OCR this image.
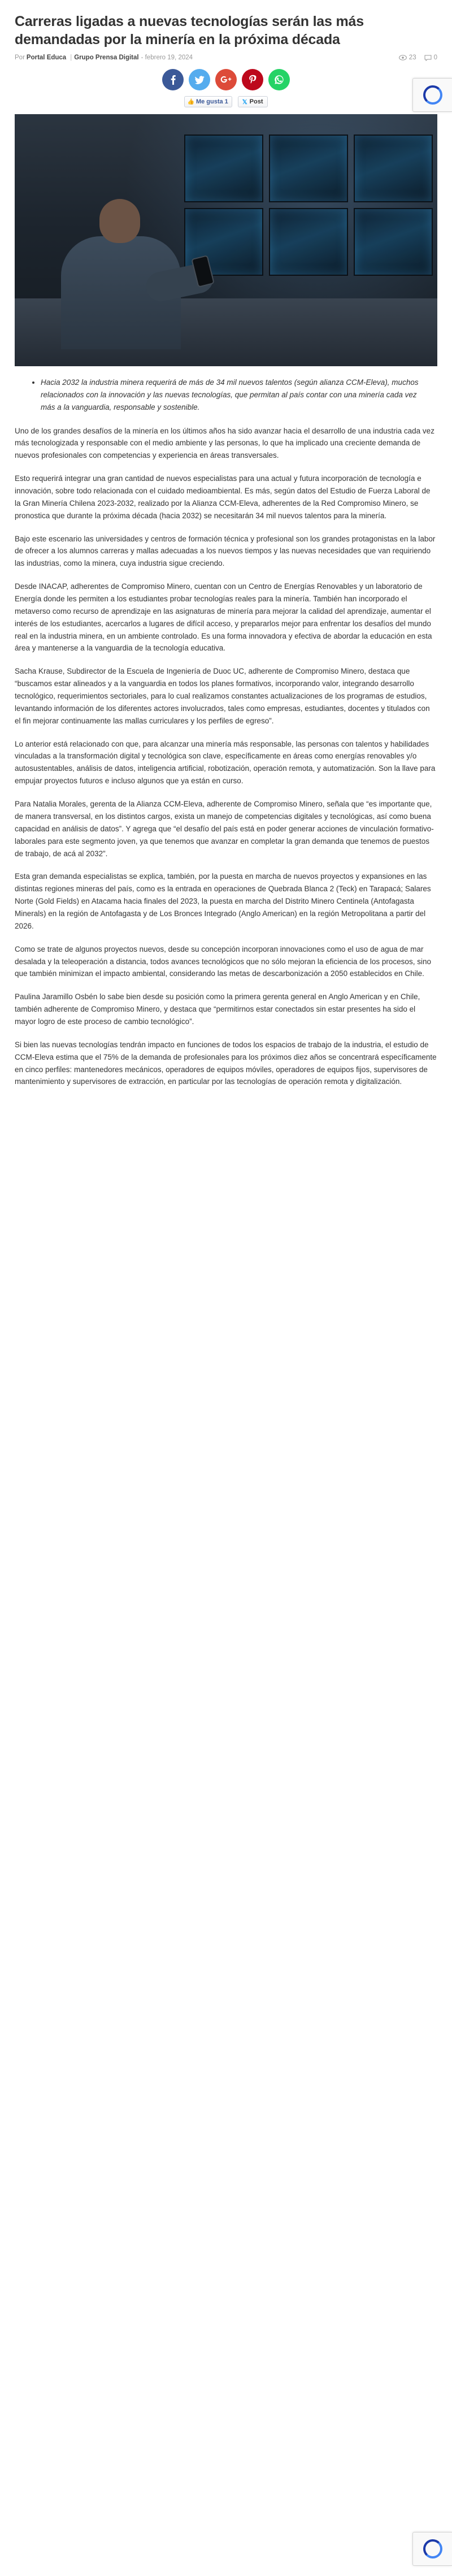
Carreras ligadas a nuevas tecnologías serán las más demandadas por la minería en la próxima década
Por Portal Educa | Grupo Prensa Digital - febrero 19, 2024	23	0
👍 Me gusta 1 𝕏 Post
• Hacia 2032 la industria minera requerirá de más de 34 mil nuevos talentos (según alianza CCM-Eleva), muchos relacionados con la innovación y las nuevas tecnologías, que permitan al país contar con una minería cada vez más a la vanguardia, responsable y sostenible.

Uno de los grandes desafíos de la minería en los últimos años ha sido avanzar hacia el desarrollo de una industria cada vez más tecnologizada y responsable con el medio ambiente y las personas, lo que ha implicado una creciente demanda de nuevos profesionales con competencias y experiencia en áreas transversales.

Esto requerirá integrar una gran cantidad de nuevos especialistas para una actual y futura incorporación de tecnología e innovación, sobre todo relacionada con el cuidado medioambiental. Es más, según datos del Estudio de Fuerza Laboral de la Gran Minería Chilena 2023-2032, realizado por la Alianza CCM-Eleva, adherentes de la Red Compromiso Minero, se pronostica que durante la próxima década (hacia 2032) se necesitarán 34 mil nuevos talentos para la minería.

Bajo este escenario las universidades y centros de formación técnica y profesional son los grandes protagonistas en la labor de ofrecer a los alumnos carreras y mallas adecuadas a los nuevos tiempos y las nuevas necesidades que van requiriendo las industrias, como la minera, cuya industria sigue creciendo.

Desde INACAP, adherentes de Compromiso Minero, cuentan con un Centro de Energías Renovables y un laboratorio de Energía donde les permiten a los estudiantes probar tecnologías reales para la minería. También han incorporado el metaverso como recurso de aprendizaje en las asignaturas de minería para mejorar la calidad del aprendizaje, aumentar el interés de los estudiantes, acercarlos a lugares de difícil acceso, y prepararlos mejor para enfrentar los desafíos del mundo real en la industria minera, en un ambiente controlado. Es una forma innovadora y efectiva de abordar la educación en esta área y mantenerse a la vanguardia de la tecnología educativa.

Sacha Krause, Subdirector de la Escuela de Ingeniería de Duoc UC, adherente de Compromiso Minero, destaca que “buscamos estar alineados y a la vanguardia en todos los planes formativos, incorporando valor, integrando desarrollo tecnológico, requerimientos sectoriales, para lo cual realizamos constantes actualizaciones de los programas de estudios, levantando información de los diferentes actores involucrados, tales como empresas, estudiantes, docentes y titulados con el fin mejorar continuamente las mallas curriculares y los perfiles de egreso”.

Lo anterior está relacionado con que, para alcanzar una minería más responsable, las personas con talentos y habilidades vinculadas a la transformación digital y tecnológica son clave, específicamente en áreas como energías renovables y/o autosustentables, análisis de datos, inteligencia artificial, robotización, operación remota, y automatización. Son la llave para empujar proyectos futuros e incluso algunos que ya están en curso.

Para Natalia Morales, gerenta de la Alianza CCM-Eleva, adherente de Compromiso Minero, señala que “es importante que, de manera transversal, en los distintos cargos, exista un manejo de competencias digitales y tecnológicas, así como buena capacidad en análisis de datos”. Y agrega que “el desafío del país está en poder generar acciones de vinculación formativo-laborales para este segmento joven, ya que tenemos que avanzar en completar la gran demanda que tenemos de puestos de trabajo, de acá al 2032”.

Esta gran demanda especialistas se explica, también, por la puesta en marcha de nuevos proyectos y expansiones en las distintas regiones mineras del país, como es la entrada en operaciones de Quebrada Blanca 2 (Teck) en Tarapacá; Salares Norte (Gold Fields) en Atacama hacia finales del 2023, la puesta en marcha del Distrito Minero Centinela (Antofagasta Minerals) en la región de Antofagasta y de Los Bronces Integrado (Anglo American) en la región Metropolitana a partir del 2026.

Como se trate de algunos proyectos nuevos, desde su concepción incorporan innovaciones como el uso de agua de mar desalada y la teleoperación a distancia, todos avances tecnológicos que no sólo mejoran la eficiencia de los procesos, sino que también minimizan el impacto ambiental, considerando las metas de descarbonización a 2050 establecidos en Chile.

Paulina Jaramillo Osbén lo sabe bien desde su posición como la primera gerenta general en Anglo American y en Chile, también adherente de Compromiso Minero, y destaca que “permitirnos estar conectados sin estar presentes ha sido el mayor logro de este proceso de cambio tecnológico”.

Si bien las nuevas tecnologías tendrán impacto en funciones de todos los espacios de trabajo de la industria, el estudio de CCM-Eleva estima que el 75% de la demanda de profesionales para los próximos diez años se concentrará específicamente en cinco perfiles: mantenedores mecánicos, operadores de equipos móviles, operadores de equipos fijos, supervisores de mantenimiento y supervisores de extracción, en particular por las tecnologías de operación remota y digitalización.
